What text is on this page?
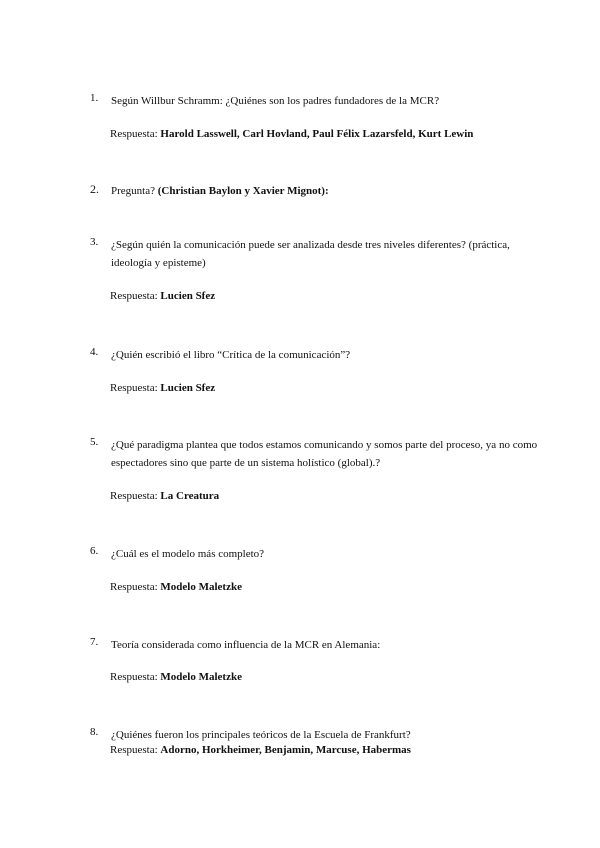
1. Según Willbur Schramm: ¿Quiénes son los padres fundadores de la MCR?
Respuesta: Harold Lasswell, Carl Hovland, Paul Félix Lazarsfeld, Kurt Lewin
2. Pregunta? (Christian Baylon y Xavier Mignot):
3. ¿Según quién la comunicación puede ser analizada desde tres niveles diferentes? (práctica, ideología y episteme)
Respuesta: Lucien Sfez
4. ¿Quién escribió el libro “Crítica de la comunicación”?
Respuesta: Lucien Sfez
5. ¿Qué paradigma plantea que todos estamos comunicando y somos parte del proceso, ya no como espectadores sino que parte de un sistema holístico (global).?
Respuesta: La Creatura
6. ¿Cuál es el modelo más completo?
Respuesta: Modelo Maletzke
7. Teoría considerada como influencia de la MCR en Alemania:
Respuesta: Modelo Maletzke
8. ¿Quiénes fueron los principales teóricos de la Escuela de Frankfurt?
Respuesta: Adorno, Horkheimer, Benjamin, Marcuse, Habermas
